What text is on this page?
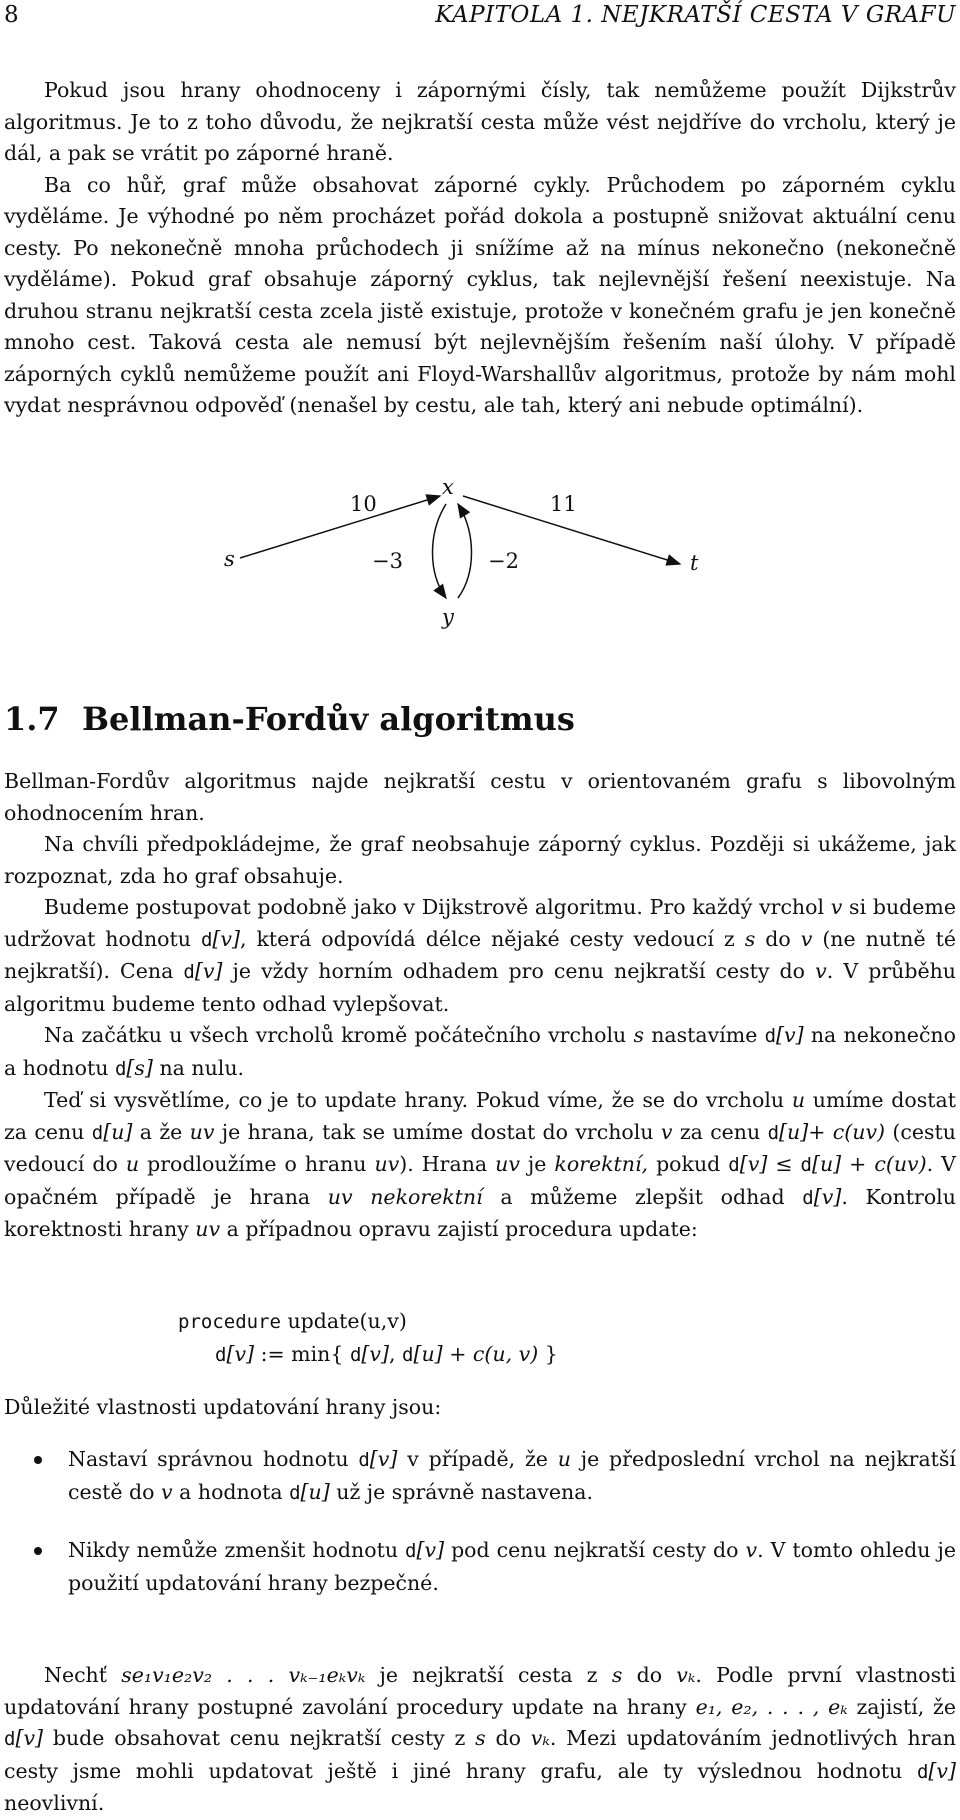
8	KAPITOLA 1. NEJKRATŠÍ CESTA V GRAFU

Pokud jsou hrany ohodnoceny i zápornými čísly, tak nemůžeme použít Dijkstrův algoritmus. Je to z toho důvodu, že nejkratší cesta může vést nejdříve do vrcholu, který je dál, a pak se vrátit po záporné hraně.

Ba co hůř, graf může obsahovat záporné cykly. Průchodem po záporném cyklu vyděláme. Je výhodné po něm procházet pořád dokola a postupně snižovat aktuální cenu cesty. Po nekonečně mnoha průchodech ji snížíme až na mínus nekonečno (nekonečně vyděláme). Pokud graf obsahuje záporný cyklus, tak nejlevnější řešení neexistuje. Na druhou stranu nejkratší cesta zcela jistě existuje, protože v konečném grafu je jen konečně mnoho cest. Taková cesta ale nemusí být nejlevnějším řešením naší úlohy. V případě záporných cyklů nemůžeme použít ani Floyd-Warshallův algoritmus, protože by nám mohl vydat nesprávnou odpověď (nenašel by cestu, ale tah, který ani nebude optimální).

s
x
y
t
10	11
−3	−2
1.7 Bellman-Fordův algoritmus

Bellman-Fordův algoritmus najde nejkratší cestu v orientovaném grafu s libovolným ohodnocením hran.

Na chvíli předpokládejme, že graf neobsahuje záporný cyklus. Později si ukážeme, jak rozpoznat, zda ho graf obsahuje.

Budeme postupovat podobně jako v Dijkstrově algoritmu. Pro každý vrchol v si budeme udržovat hodnotu d[v], která odpovídá délce nějaké cesty vedoucí z s do v (ne nutně té nejkratší). Cena d[v] je vždy horním odhadem pro cenu nejkratší cesty do v. V průběhu algoritmu budeme tento odhad vylepšovat.

Na začátku u všech vrcholů kromě počátečního vrcholu s nastavíme d[v] na nekonečno a hodnotu d[s] na nulu.

Teď si vysvětlíme, co je to update hrany. Pokud víme, že se do vrcholu u umíme dostat za cenu d[u] a že uv je hrana, tak se umíme dostat do vrcholu v za cenu d[u]+ c(uv) (cestu vedoucí do u prodloužíme o hranu uv). Hrana uv je korektní, pokud d[v] ≤ d[u] + c(uv). V opačném případě je hrana uv nekorektní a můžeme zlepšit odhad d[v]. Kontrolu korektnosti hrany uv a případnou opravu zajistí procedura update:

procedure update(u,v)
d[v] := min{ d[v], d[u] + c(u, v) }

Důležité vlastnosti updatování hrany jsou:

Nastaví správnou hodnotu d[v] v případě, že u je předposlední vrchol na nejkratší cestě do v a hodnota d[u] už je správně nastavena.
Nikdy nemůže zmenšit hodnotu d[v] pod cenu nejkratší cesty do v. V tomto ohledu je použití updatování hrany bezpečné.

Nechť se₁v₁e₂v₂ . . . vₖ₋₁eₖvₖ je nejkratší cesta z s do vₖ. Podle první vlastnosti updatování hrany postupné zavolání procedury update na hrany e₁, e₂, . . . , eₖ zajistí, že d[v] bude obsahovat cenu nejkratší cesty z s do vₖ. Mezi updatováním jednotlivých hran cesty jsme mohli updatovat ještě i jiné hrany grafu, ale ty výslednou hodnotu d[v] neovlivní.
